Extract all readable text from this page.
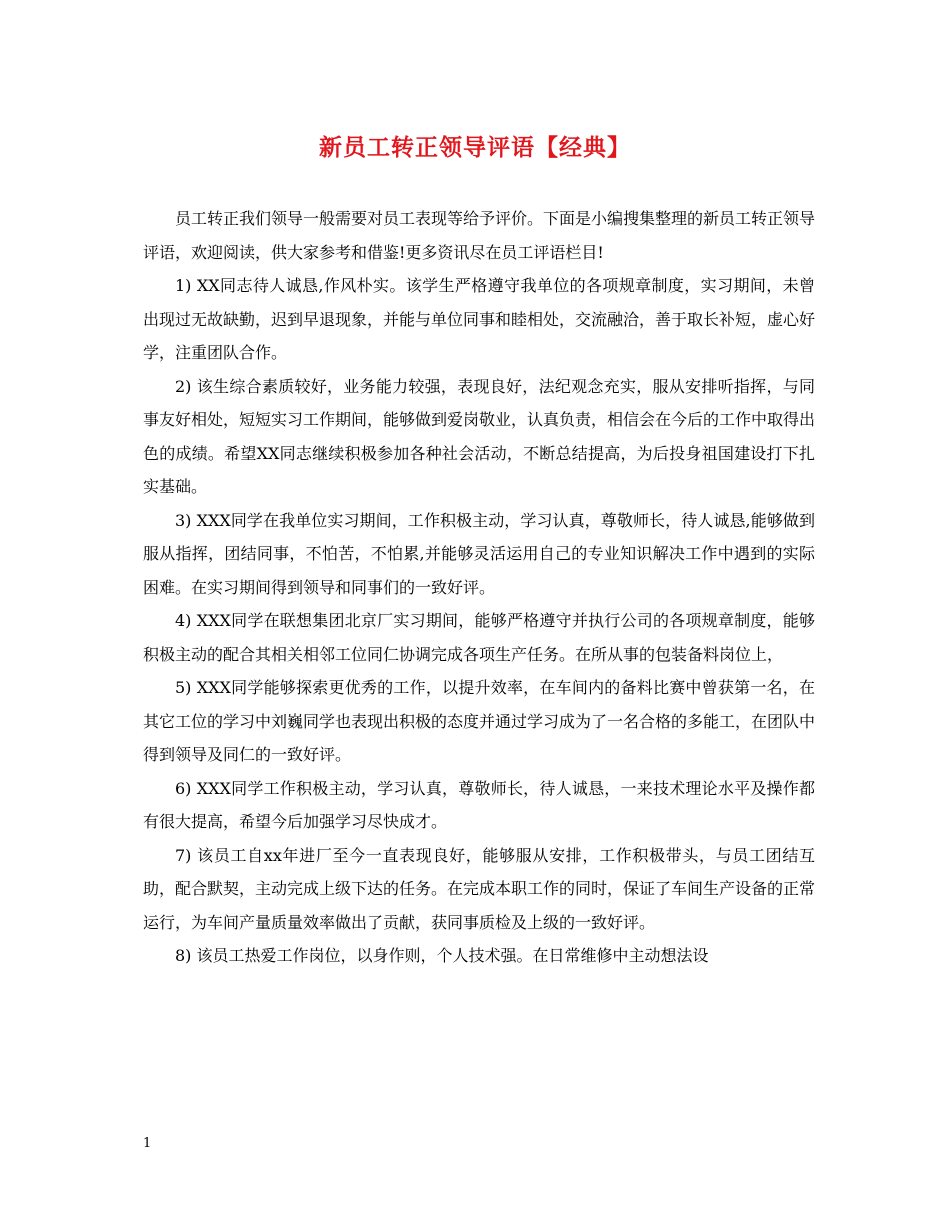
新员工转正领导评语【经典】

员工转正我们领导一般需要对员工表现等给予评价。下面是小编搜集整理的新员工转正领导评语，欢迎阅读，供大家参考和借鉴!更多资讯尽在员工评语栏目!

1) XX同志待人诚恳,作风朴实。该学生严格遵守我单位的各项规章制度，实习期间，未曾出现过无故缺勤，迟到早退现象，并能与单位同事和睦相处，交流融洽，善于取长补短，虚心好学，注重团队合作。

2) 该生综合素质较好，业务能力较强，表现良好，法纪观念充实，服从安排听指挥，与同事友好相处，短短实习工作期间，能够做到爱岗敬业，认真负责，相信会在今后的工作中取得出色的成绩。希望XX同志继续积极参加各种社会活动，不断总结提高，为后投身祖国建设打下扎实基础。

3) XXX同学在我单位实习期间，工作积极主动，学习认真，尊敬师长，待人诚恳,能够做到服从指挥，团结同事，不怕苦，不怕累,并能够灵活运用自己的专业知识解决工作中遇到的实际困难。在实习期间得到领导和同事们的一致好评。

4) XXX同学在联想集团北京厂实习期间，能够严格遵守并执行公司的各项规章制度，能够积极主动的配合其相关相邻工位同仁协调完成各项生产任务。在所从事的包装备料岗位上，

5) XXX同学能够探索更优秀的工作，以提升效率，在车间内的备料比赛中曾获第一名，在其它工位的学习中刘巍同学也表现出积极的态度并通过学习成为了一名合格的多能工，在团队中得到领导及同仁的一致好评。

6) XXX同学工作积极主动，学习认真，尊敬师长，待人诚恳，一来技术理论水平及操作都有很大提高，希望今后加强学习尽快成才。

7) 该员工自xx年进厂至今一直表现良好，能够服从安排，工作积极带头，与员工团结互助，配合默契，主动完成上级下达的任务。在完成本职工作的同时，保证了车间生产设备的正常运行，为车间产量质量效率做出了贡献，获同事质检及上级的一致好评。

8) 该员工热爱工作岗位，以身作则，个人技术强。在日常维修中主动想法设

1
